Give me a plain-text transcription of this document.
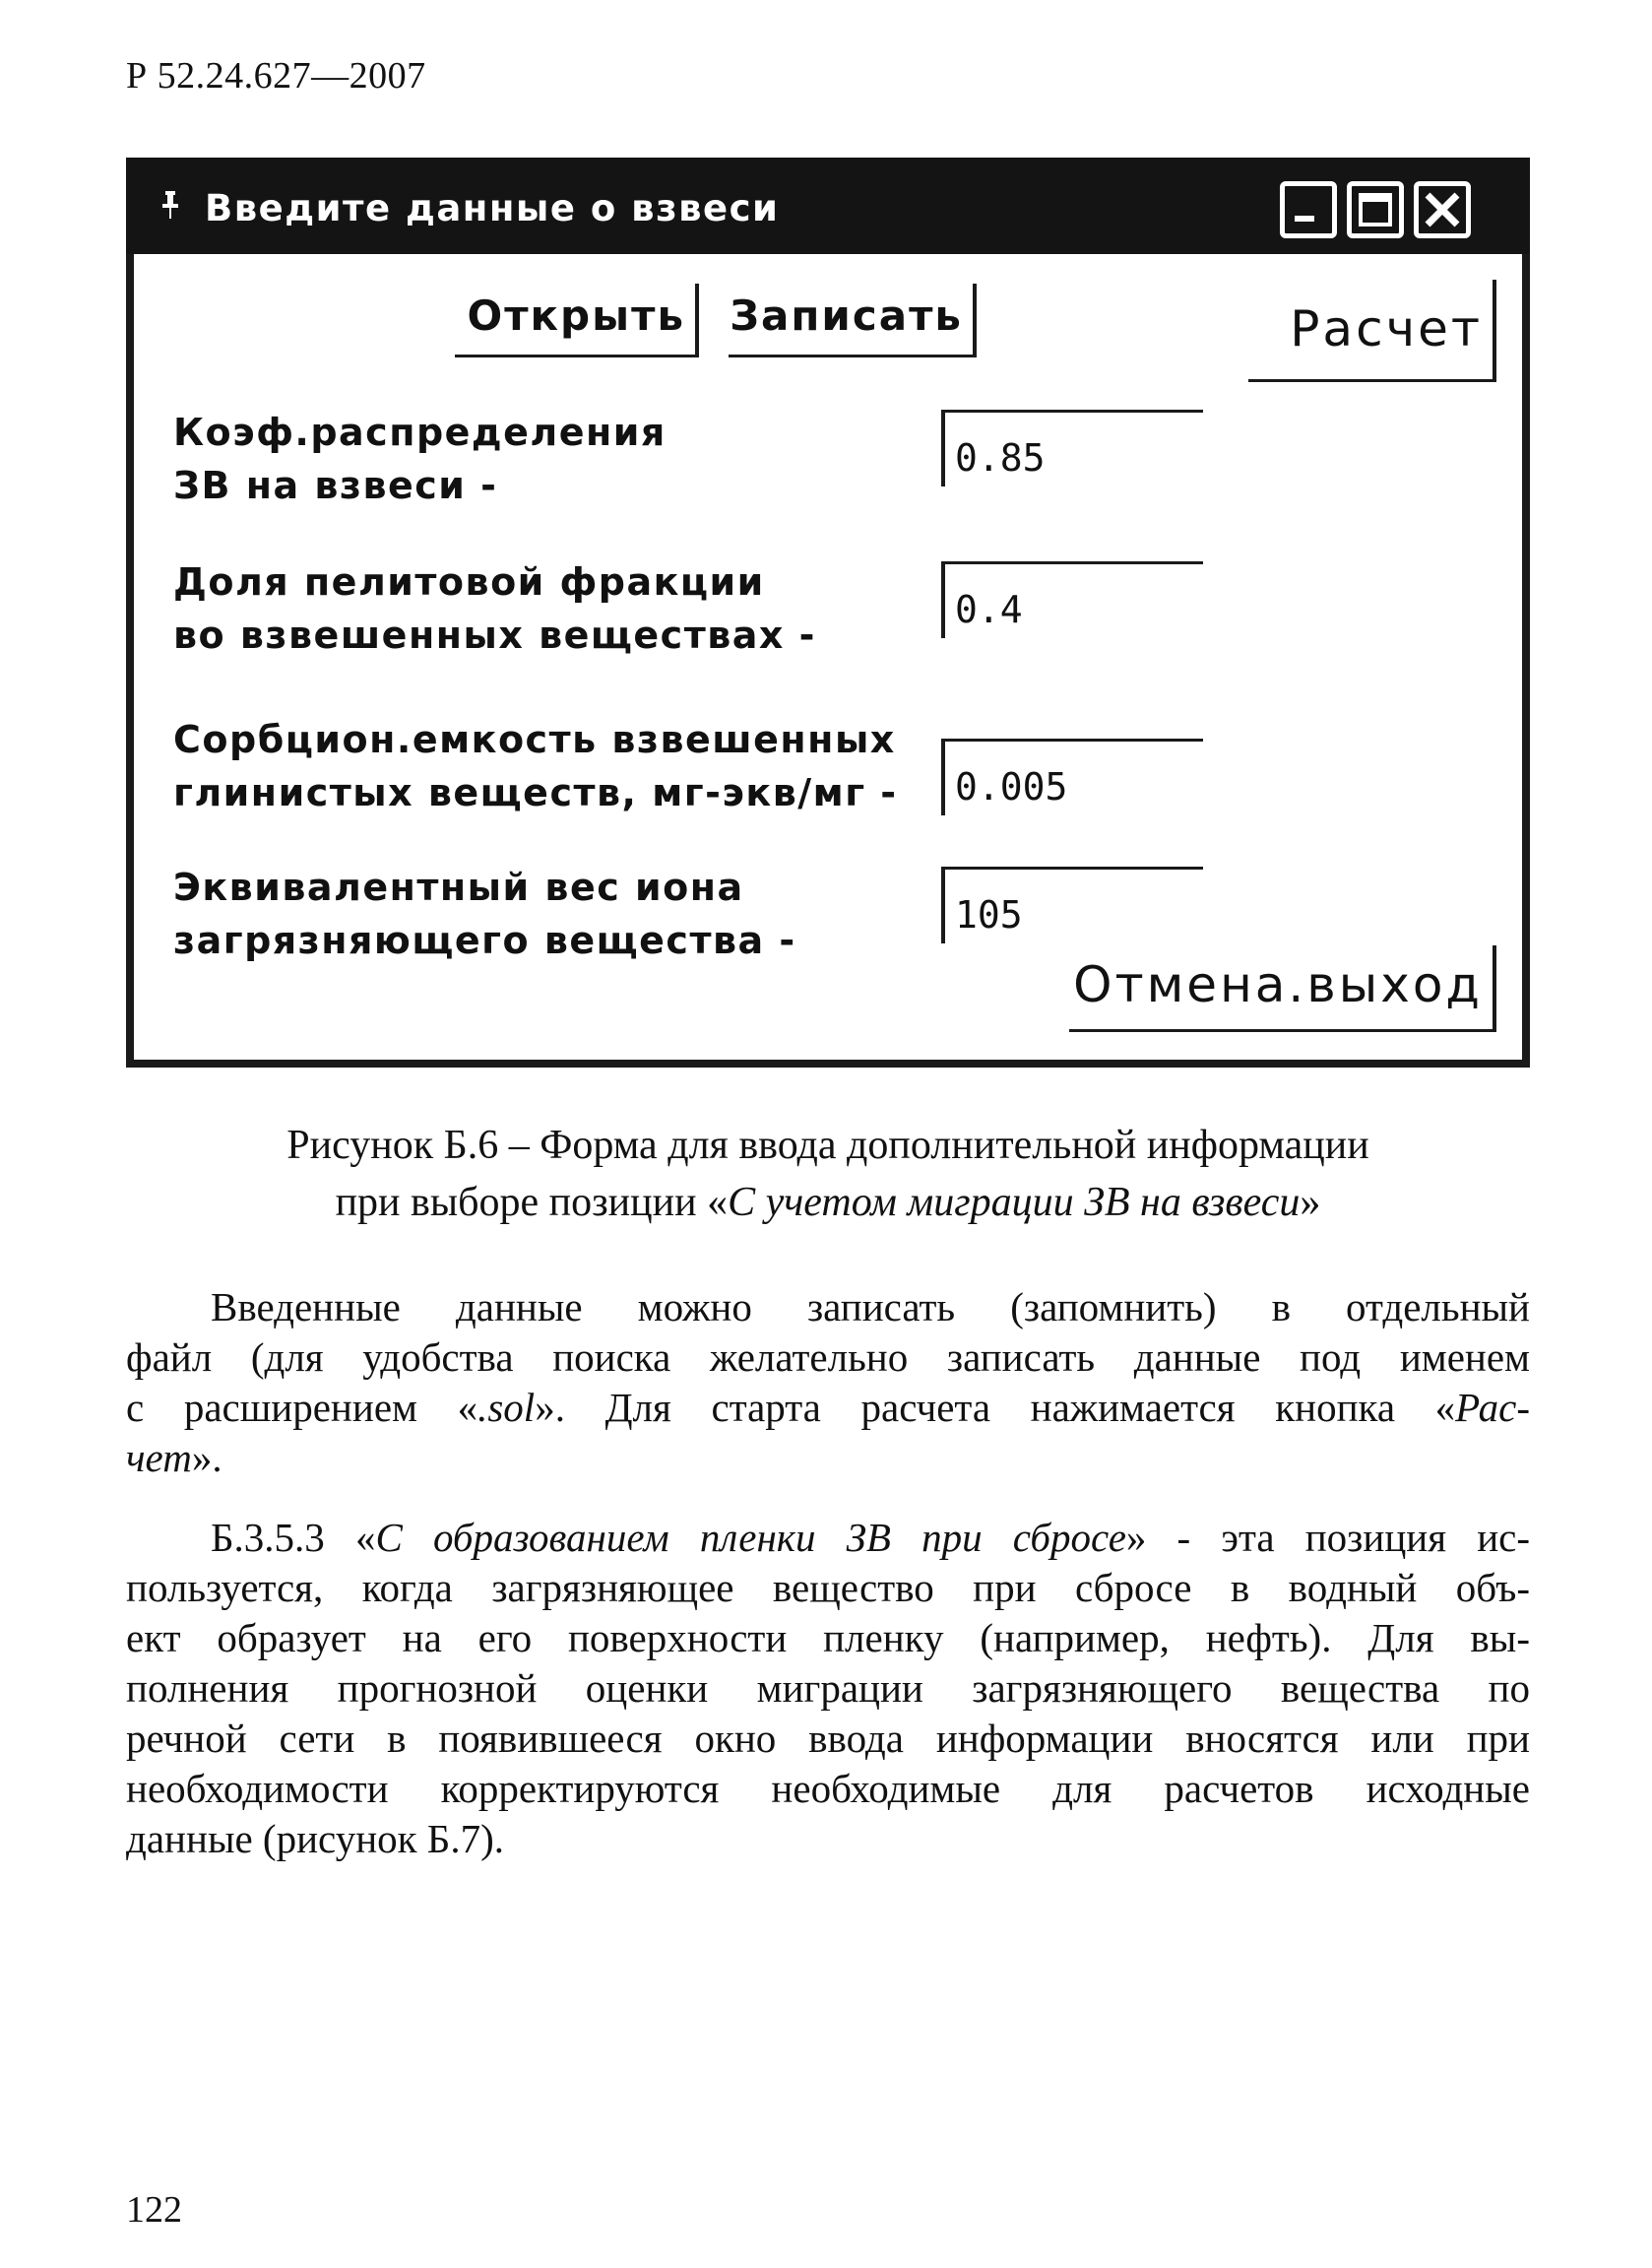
Р 52.24.627—2007
Введите данные о взвеси
Открыть	Записать	Расчет
Коэф.распределения
ЗВ на взвеси -
0.85
Доля пелитовой фракции
во взвешенных веществах -
0.4
Сорбцион.емкость взвешенных
глинистых веществ, мг-экв/мг -
0.005
Эквивалентный вес иона
загрязняющего вещества -
105
Отмена.выход
Рисунок Б.6 – Форма для ввода дополнительной информации
при выборе позиции «С учетом миграции ЗВ на взвеси»
Введенные данные можно записать (запомнить) в отдельный
файл (для удобства поиска желательно записать данные под именем
с расширением «.sol». Для старта расчета нажимается кнопка «Рас-
чет».
Б.3.5.3 «С образованием пленки ЗВ при сбросе» - эта позиция ис-
пользуется, когда загрязняющее вещество при сбросе в водный объ-
ект образует на его поверхности пленку (например, нефть). Для вы-
полнения прогнозной оценки миграции загрязняющего вещества по
речной сети в появившееся окно ввода информации вносятся или при
необходимости корректируются необходимые для расчетов исходные
данные (рисунок Б.7).
122
